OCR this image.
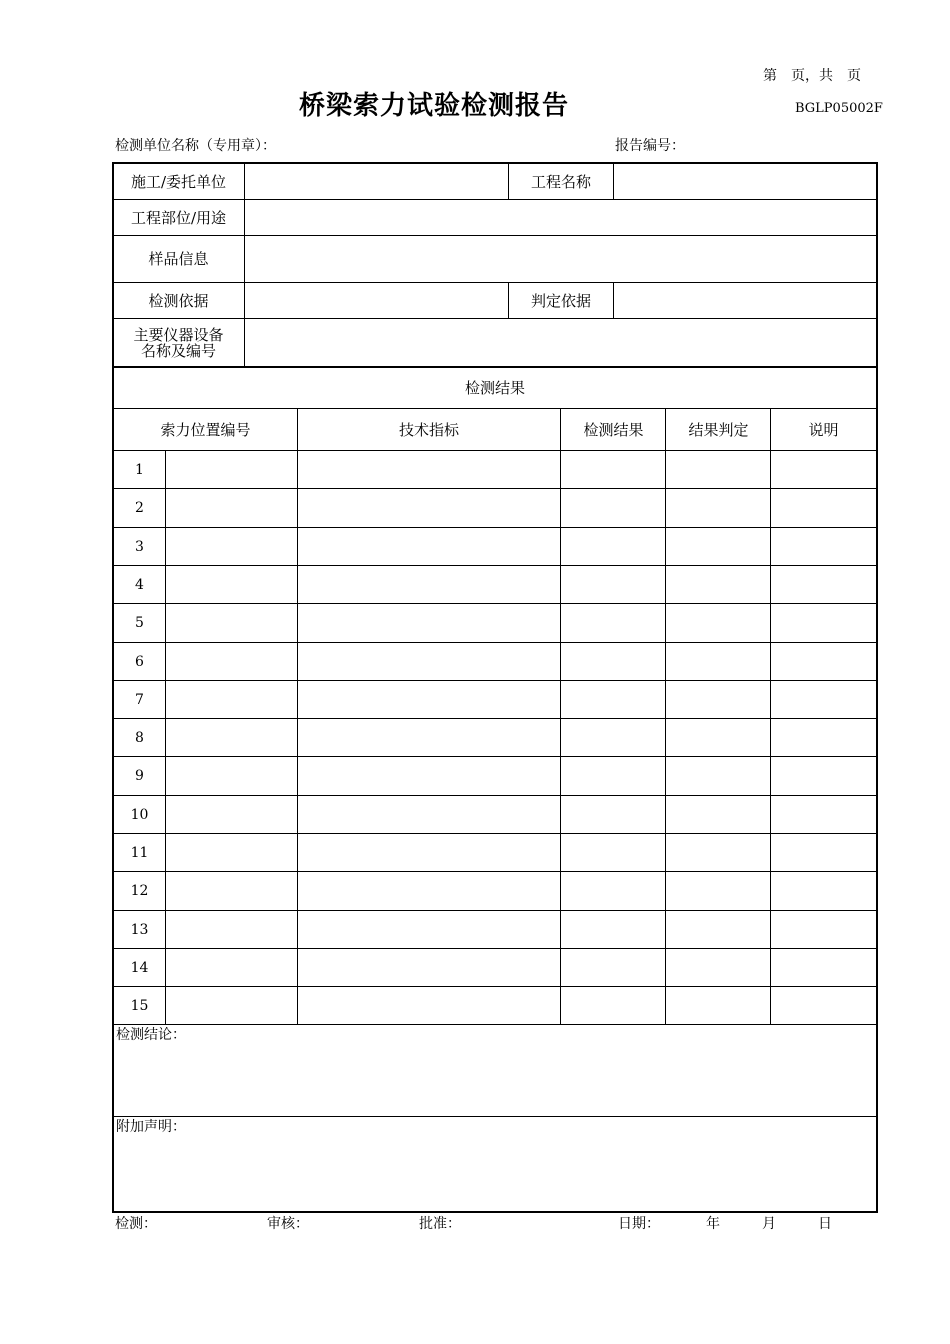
第　页，共　页
桥梁索力试验检测报告	BGLP05002F
检测单位名称（专用章）：	报告编号：
施工/委托单位	工程名称
工程部位/用途
样品信息
检测依据	判定依据
主要仪器设备
名称及编号
检测结果
索力位置编号	技术指标	检测结果	结果判定	说明
1
2
3
4
5
6
7
8
9
10
11
12
13
14
15
检测结论：
附加声明：
检测：	审核：	批准：	日期：	年	月	日
